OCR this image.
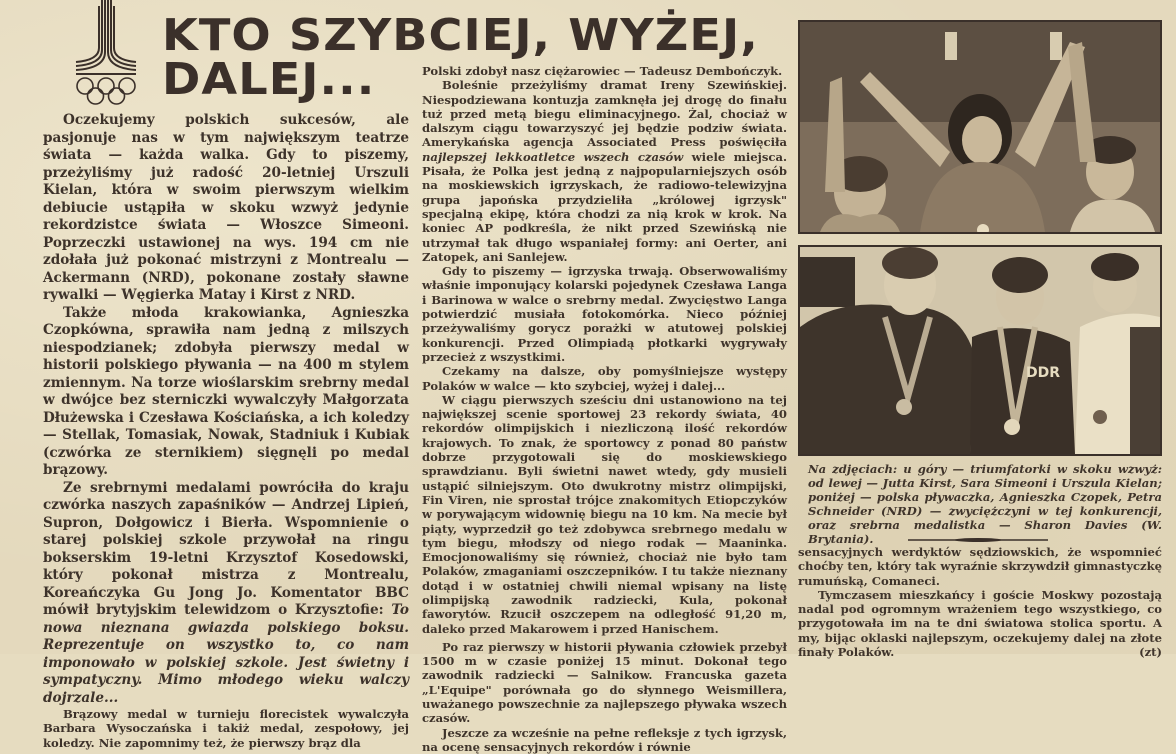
KTO SZYBCIEJ, WYŻEJ,
DALEJ...

Oczekujemy polskich sukcesów, ale pasjonuje nas w tym największym teatrze świata — każda walka. Gdy to piszemy, przeżyliśmy już radość 20-letniej Urszuli Kielan, która w swoim pierwszym wielkim debiucie ustąpiła w skoku wzwyż jedynie rekordzistce świata — Włoszce Simeoni. Poprzeczki ustawionej na wys. 194 cm nie zdołała już pokonać mistrzyni z Montrealu — Ackermann (NRD), pokonane zostały sławne rywalki — Węgierka Matay i Kirst z NRD.

Także młoda krakowianka, Agnieszka Czopkówna, sprawiła nam jedną z milszych niespodzianek; zdobyła pierwszy medal w historii polskiego pływania — na 400 m stylem zmiennym. Na torze wioślarskim srebrny medal w dwójce bez sterniczki wywalczyły Małgorzata Dłużewska i Czesława Kościańska, a ich koledzy — Stellak, Tomasiak, Nowak, Stadniuk i Kubiak (czwórka ze sternikiem) sięgnęli po medal brązowy.

Ze srebrnymi medalami powróciła do kraju czwórka naszych zapaśników — Andrzej Lipień, Supron, Dołgowicz i Bierła. Wspomnienie o starej polskiej szkole przywołał na ringu bokserskim 19-letni Krzysztof Kosedowski, który pokonał mistrza z Montrealu, Koreańczyka Gu Jong Jo. Komentator BBC mówił brytyjskim telewidzom o Krzysztofie: To nowa nieznana gwiazda polskiego boksu. Reprezentuje on wszystko to, co nam imponowało w polskiej szkole. Jest świetny i sympatyczny. Mimo młodego wieku walczy dojrzale...

Brązowy medal w turnieju florecistek wywalczyła Barbara Wysoczańska i takiż medal, zespołowy, jej koledzy. Nie zapomnimy też, że pierwszy brąz dla

Polski zdobył nasz ciężarowiec — Tadeusz Dembończyk.

Boleśnie przeżyliśmy dramat Ireny Szewińskiej. Niespodziewana kontuzja zamknęła jej drogę do finału tuż przed metą biegu eliminacyjnego. Żal, chociaż w dalszym ciągu towarzyszyć jej będzie podziw świata. Amerykańska agencja Associated Press poświęciła najlepszej lekkoatletce wszech czasów wiele miejsca. Pisała, że Polka jest jedną z najpopularniejszych osób na moskiewskich igrzyskach, że radiowo-telewizyjna grupa japońska przydzieliła „królowej igrzysk" specjalną ekipę, która chodzi za nią krok w krok. Na koniec AP podkreśla, że nikt przed Szewińską nie utrzymał tak długo wspaniałej formy: ani Oerter, ani Zatopek, ani Sanlejew.

Gdy to piszemy — igrzyska trwają. Obserwowaliśmy właśnie imponujący kolarski pojedynek Czesława Langa i Barinowa w walce o srebrny medal. Zwycięstwo Langa potwierdzić musiała fotokomórka. Nieco później przeżywaliśmy gorycz porażki w atutowej polskiej konkurencji. Przed Olimpiadą płotkarki wygrywały przecież z wszystkimi.

Czekamy na dalsze, oby pomyślniejsze występy Polaków w walce — kto szybciej, wyżej i dalej...

W ciągu pierwszych sześciu dni ustanowiono na tej największej scenie sportowej 23 rekordy świata, 40 rekordów olimpijskich i niezliczoną ilość rekordów krajowych. To znak, że sportowcy z ponad 80 państw dobrze przygotowali się do moskiewskiego sprawdzianu. Byli świetni nawet wtedy, gdy musieli ustąpić silniejszym. Oto dwukrotny mistrz olimpijski, Fin Viren, nie sprostał trójce znakomitych Etiopczyków w porywającym widownię biegu na 10 km. Na mecie był piąty, wyprzedził go też zdobywca srebrnego medalu w tym biegu, młodszy od niego rodak — Maaninka. Emocjonowaliśmy się również, chociaż nie było tam Polaków, zmaganiami oszczepników. I tu także nieznany dotąd i w ostatniej chwili niemal wpisany na listę olimpijską zawodnik radziecki, Kula, pokonał faworytów. Rzucił oszczepem na odległość 91,20 m, daleko przed Makarowem i przed Hanischem.

Po raz pierwszy w historii pływania człowiek przebył 1500 m w czasie poniżej 15 minut. Dokonał tego zawodnik radziecki — Salnikow. Francuska gazeta „L'Equipe" porównała go do słynnego Weismillera, uważanego powszechnie za najlepszego pływaka wszech czasów.

Jeszcze za wcześnie na pełne refleksje z tych igrzysk, na ocenę sensacyjnych rekordów i równie

DDR
Na zdjęciach: u góry — triumfatorki w skoku wzwyż: od lewej — Jutta Kirst, Sara Simeoni i Urszula Kielan; poniżej — polska pływaczka, Agnieszka Czopek, Petra Schneider (NRD) — zwyciężczyni w tej konkurencji, oraz srebrna medalistka — Sharon Davies (W. Brytania).

sensacyjnych werdyktów sędziowskich, że wspomnieć choćby ten, który tak wyraźnie skrzywdził gimnastyczkę rumuńską, Comaneci.

Tymczasem mieszkańcy i goście Moskwy pozostają nadal pod ogromnym wrażeniem tego wszystkiego, co przygotowała im na te dni światowa stolica sportu. A my, bijąc oklaski najlepszym, oczekujemy dalej na złote finały Polaków.	(zt)
